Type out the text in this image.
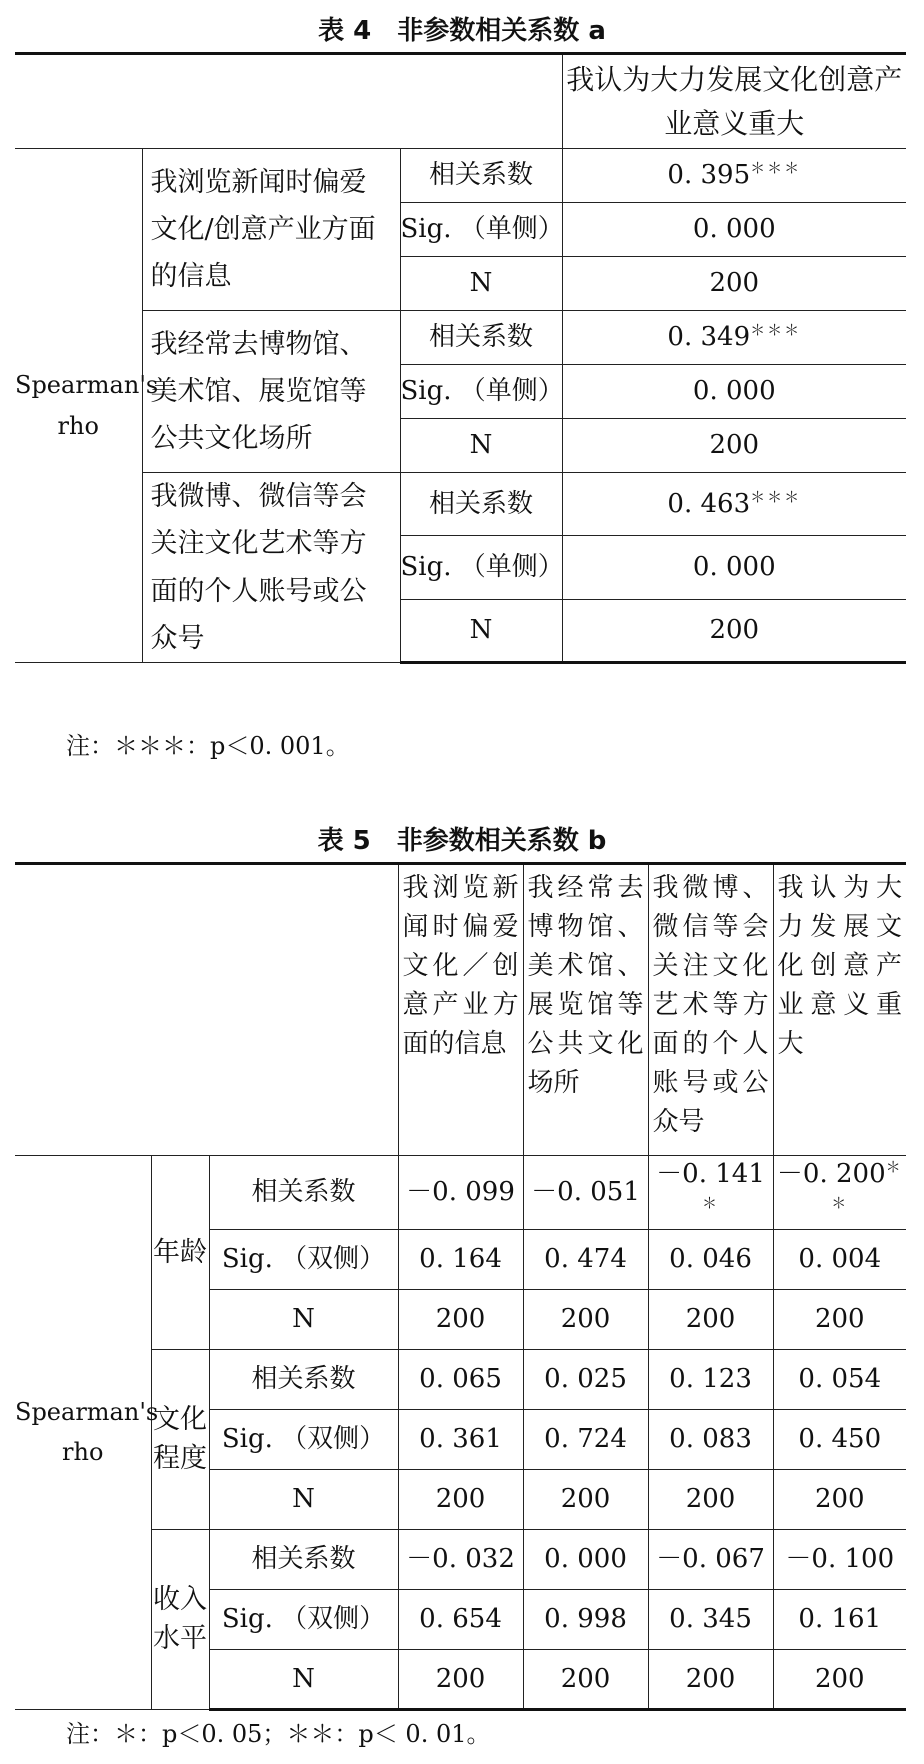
表 4　非参数相关系数 a
			我认为大力发展文化创意产业意义重大
Spearman's rho	我浏览新闻时偏爱文化/创意产业方面的信息	相关系数	0. 395＊＊＊
		Sig. （单侧）	0. 000
		N	200
	我经常去博物馆、美术馆、展览馆等公共文化场所	相关系数	0. 349＊＊＊
		Sig. （单侧）	0. 000
		N	200
	我微博、微信等会关注文化艺术等方面的个人账号或公众号	相关系数	0. 463＊＊＊
		Sig. （单侧）	0. 000
		N	200
注：＊＊＊：p＜0. 001。
表 5　非参数相关系数 b
			我浏览新闻时偏爱文化／创意产业方面的信息	我经常去博物馆、美术馆、展览馆等公共文化场所	我微博、微信等会关注文化艺术等方面的个人账号或公众号	我认为大力发展文化创意产业意义重大
Spearman's rho	年龄	相关系数	－0. 099	－0. 051	－0. 141＊	－0. 200＊＊
		Sig. （双侧）	0. 164	0. 474	0. 046	0. 004
		N	200	200	200	200
	文化程度	相关系数	0. 065	0. 025	0. 123	0. 054
		Sig. （双侧）	0. 361	0. 724	0. 083	0. 450
		N	200	200	200	200
	收入水平	相关系数	－0. 032	0. 000	－0. 067	－0. 100
		Sig. （双侧）	0. 654	0. 998	0. 345	0. 161
		N	200	200	200	200
注：＊：p＜0. 05；＊＊：p＜ 0. 01。
